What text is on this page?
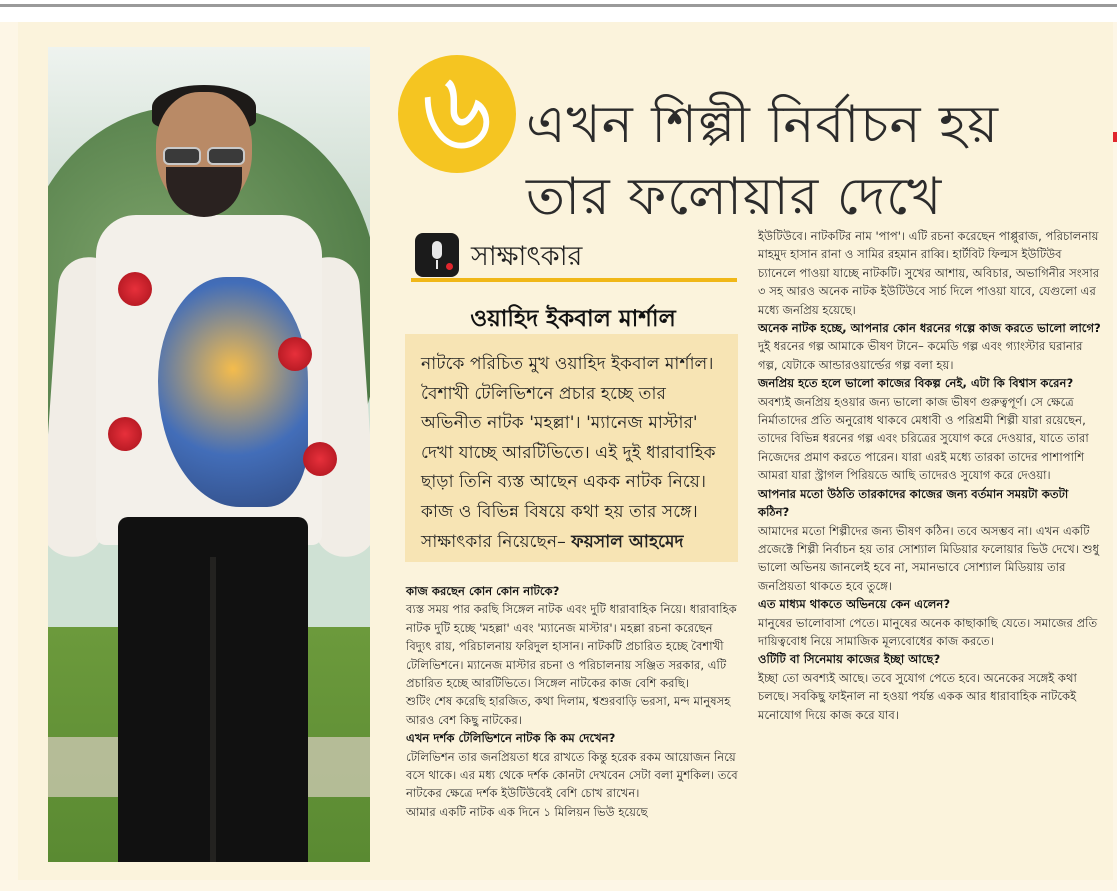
৬ এখন শিল্পী নির্বাচন হয়
তার ফলোয়ার দেখে
সাক্ষাৎকার
ওয়াহিদ ইকবাল মার্শাল
নাটকে পরিচিত মুখ ওয়াহিদ ইকবাল মার্শাল। বৈশাখী টেলিভিশনে প্রচার হচ্ছে তার অভিনীত নাটক 'মহল্লা'। 'ম্যানেজ মাস্টার' দেখা যাচ্ছে আরটিভিতে। এই দুই ধারাবাহিক ছাড়া তিনি ব্যস্ত আছেন একক নাটক নিয়ে। কাজ ও বিভিন্ন বিষয়ে কথা হয় তার সঙ্গে। সাক্ষাৎকার নিয়েছেন– ফয়সাল আহমেদ

কাজ করছেন কোন কোন নাটকে?

ব্যস্ত সময় পার করছি সিঙ্গেল নাটক এবং দুটি ধারাবাহিক নিয়ে। ধারাবাহিক নাটক দুটি হচ্ছে 'মহল্লা' এবং 'ম্যানেজ মাস্টার'। মহল্লা রচনা করেছেন বিদ্যুৎ রায়, পরিচালনায় ফরিদুল হাসান। নাটকটি প্রচারিত হচ্ছে বৈশাখী টেলিভিশনে। ম্যানেজ মাস্টার রচনা ও পরিচালনায় সঞ্জিত সরকার, এটি প্রচারিত হচ্ছে আরটিভিতে। সিঙ্গেল নাটকের কাজ বেশি করছি।

শুটিং শেষ করেছি হারজিত, কথা দিলাম, শ্বশুরবাড়ি ভরসা, মন্দ মানুষসহ আরও বেশ কিছু নাটকের।

এখন দর্শক টেলিভিশনে নাটক কি কম দেখেন?

টেলিভিশন তার জনপ্রিয়তা ধরে রাখতে কিন্তু হরেক রকম আয়োজন নিয়ে বসে থাকে। এর মধ্য থেকে দর্শক কোনটা দেখবেন সেটা বলা মুশকিল। তবে নাটকের ক্ষেত্রে দর্শক ইউটিউবেই বেশি চোখ রাখেন।

আমার একটি নাটক এক দিনে ১ মিলিয়ন ভিউ হয়েছে

ইউটিউবে। নাটকটির নাম 'পাপ'। এটি রচনা করেছেন পাপ্পুরাজ, পরিচালনায় মাহমুদ হাসান রানা ও সামির রহমান রাব্বি। হার্টবিট ফিল্মস ইউটিউব চ্যানেলে পাওয়া যাচ্ছে নাটকটি। সুখের আশায়, অবিচার, অভাগিনীর সংসার ৩ সহ আরও অনেক নাটক ইউটিউবে সার্চ দিলে পাওয়া যাবে, যেগুলো এর মধ্যে জনপ্রিয় হয়েছে।

অনেক নাটক হচ্ছে, আপনার কোন ধরনের গল্পে কাজ করতে ভালো লাগে?

দুই ধরনের গল্প আমাকে ভীষণ টানে– কমেডি গল্প এবং গ্যাংস্টার ঘরানার গল্প, যেটাকে আন্ডারওয়ার্ল্ডের গল্প বলা হয়।

জনপ্রিয় হতে হলে ভালো কাজের বিকল্প নেই, এটা কি বিশ্বাস করেন?

অবশ্যই জনপ্রিয় হওয়ার জন্য ভালো কাজ ভীষণ গুরুত্বপূর্ণ। সে ক্ষেত্রে নির্মাতাদের প্রতি অনুরোধ থাকবে মেধাবী ও পরিশ্রমী শিল্পী যারা রয়েছেন, তাদের বিভিন্ন ধরনের গল্প এবং চরিত্রের সুযোগ করে দেওয়ার, যাতে তারা নিজেদের প্রমাণ করতে পারেন। যারা এরই মধ্যে তারকা তাদের পাশাপাশি আমরা যারা স্ট্রাগল পিরিয়ডে আছি তাদেরও সুযোগ করে দেওয়া।

আপনার মতো উঠতি তারকাদের কাজের জন্য বর্তমান সময়টা কতটা কঠিন?

আমাদের মতো শিল্পীদের জন্য ভীষণ কঠিন। তবে অসম্ভব না। এখন একটি প্রজেক্টে শিল্পী নির্বাচন হয় তার সোশ্যাল মিডিয়ার ফলোয়ার ভিউ দেখে। শুধু ভালো অভিনয় জানলেই হবে না, সমানভাবে সোশ্যাল মিডিয়ায় তার জনপ্রিয়তা থাকতে হবে তুঙ্গে।

এত মাধ্যম থাকতে অভিনয়ে কেন এলেন?

মানুষের ভালোবাসা পেতে। মানুষের অনেক কাছাকাছি যেতে। সমাজের প্রতি দায়িত্ববোধ নিয়ে সামাজিক মূল্যবোধের কাজ করতে।

ওটিটি বা সিনেমায় কাজের ইচ্ছা আছে?

ইচ্ছা তো অবশ্যই আছে। তবে সুযোগ পেতে হবে। অনেকের সঙ্গেই কথা চলছে। সবকিছু ফাইনাল না হওয়া পর্যন্ত একক আর ধারাবাহিক নাটকেই মনোযোগ দিয়ে কাজ করে যাব।
